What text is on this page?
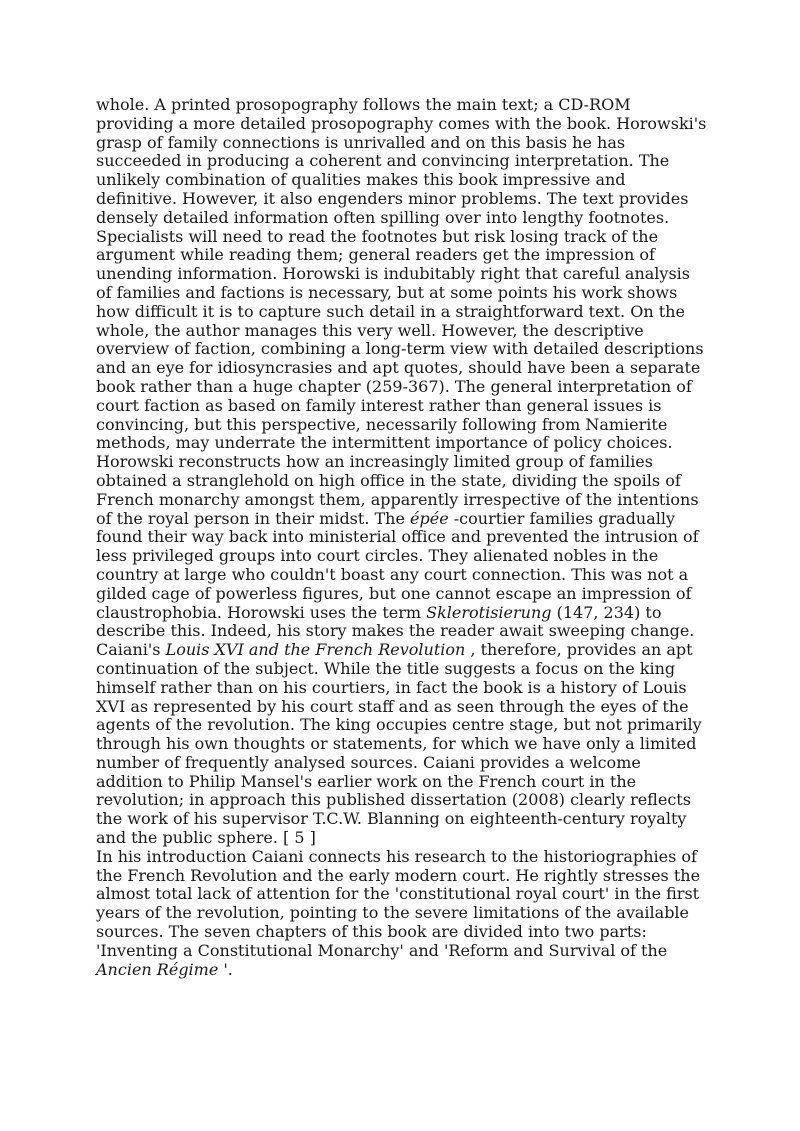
whole. A printed prosopography follows the main text; a CD-ROM providing a more detailed prosopography comes with the book. Horowski's grasp of family connections is unrivalled and on this basis he has succeeded in producing a coherent and convincing interpretation. The unlikely combination of qualities makes this book impressive and definitive. However, it also engenders minor problems. The text provides densely detailed information often spilling over into lengthy footnotes. Specialists will need to read the footnotes but risk losing track of the argument while reading them; general readers get the impression of unending information. Horowski is indubitably right that careful analysis of families and factions is necessary, but at some points his work shows how difficult it is to capture such detail in a straightforward text. On the whole, the author manages this very well. However, the descriptive overview of faction, combining a long-term view with detailed descriptions and an eye for idiosyncrasies and apt quotes, should have been a separate book rather than a huge chapter (259-367). The general interpretation of court faction as based on family interest rather than general issues is convincing, but this perspective, necessarily following from Namierite methods, may underrate the intermittent importance of policy choices.

Horowski reconstructs how an increasingly limited group of families obtained a stranglehold on high office in the state, dividing the spoils of French monarchy amongst them, apparently irrespective of the intentions of the royal person in their midst. The épée -courtier families gradually found their way back into ministerial office and prevented the intrusion of less privileged groups into court circles. They alienated nobles in the country at large who couldn't boast any court connection. This was not a gilded cage of powerless figures, but one cannot escape an impression of claustrophobia. Horowski uses the term Sklerotisierung (147, 234) to describe this. Indeed, his story makes the reader await sweeping change.

Caiani's Louis XVI and the French Revolution , therefore, provides an apt continuation of the subject. While the title suggests a focus on the king himself rather than on his courtiers, in fact the book is a history of Louis XVI as represented by his court staff and as seen through the eyes of the agents of the revolution. The king occupies centre stage, but not primarily through his own thoughts or statements, for which we have only a limited number of frequently analysed sources. Caiani provides a welcome addition to Philip Mansel's earlier work on the French court in the revolution; in approach this published dissertation (2008) clearly reflects the work of his supervisor T.C.W. Blanning on eighteenth-century royalty and the public sphere. [ 5 ]

In his introduction Caiani connects his research to the historiographies of the French Revolution and the early modern court. He rightly stresses the almost total lack of attention for the 'constitutional royal court' in the first years of the revolution, pointing to the severe limitations of the available sources. The seven chapters of this book are divided into two parts: 'Inventing a Constitutional Monarchy' and 'Reform and Survival of the Ancien Régime '.
